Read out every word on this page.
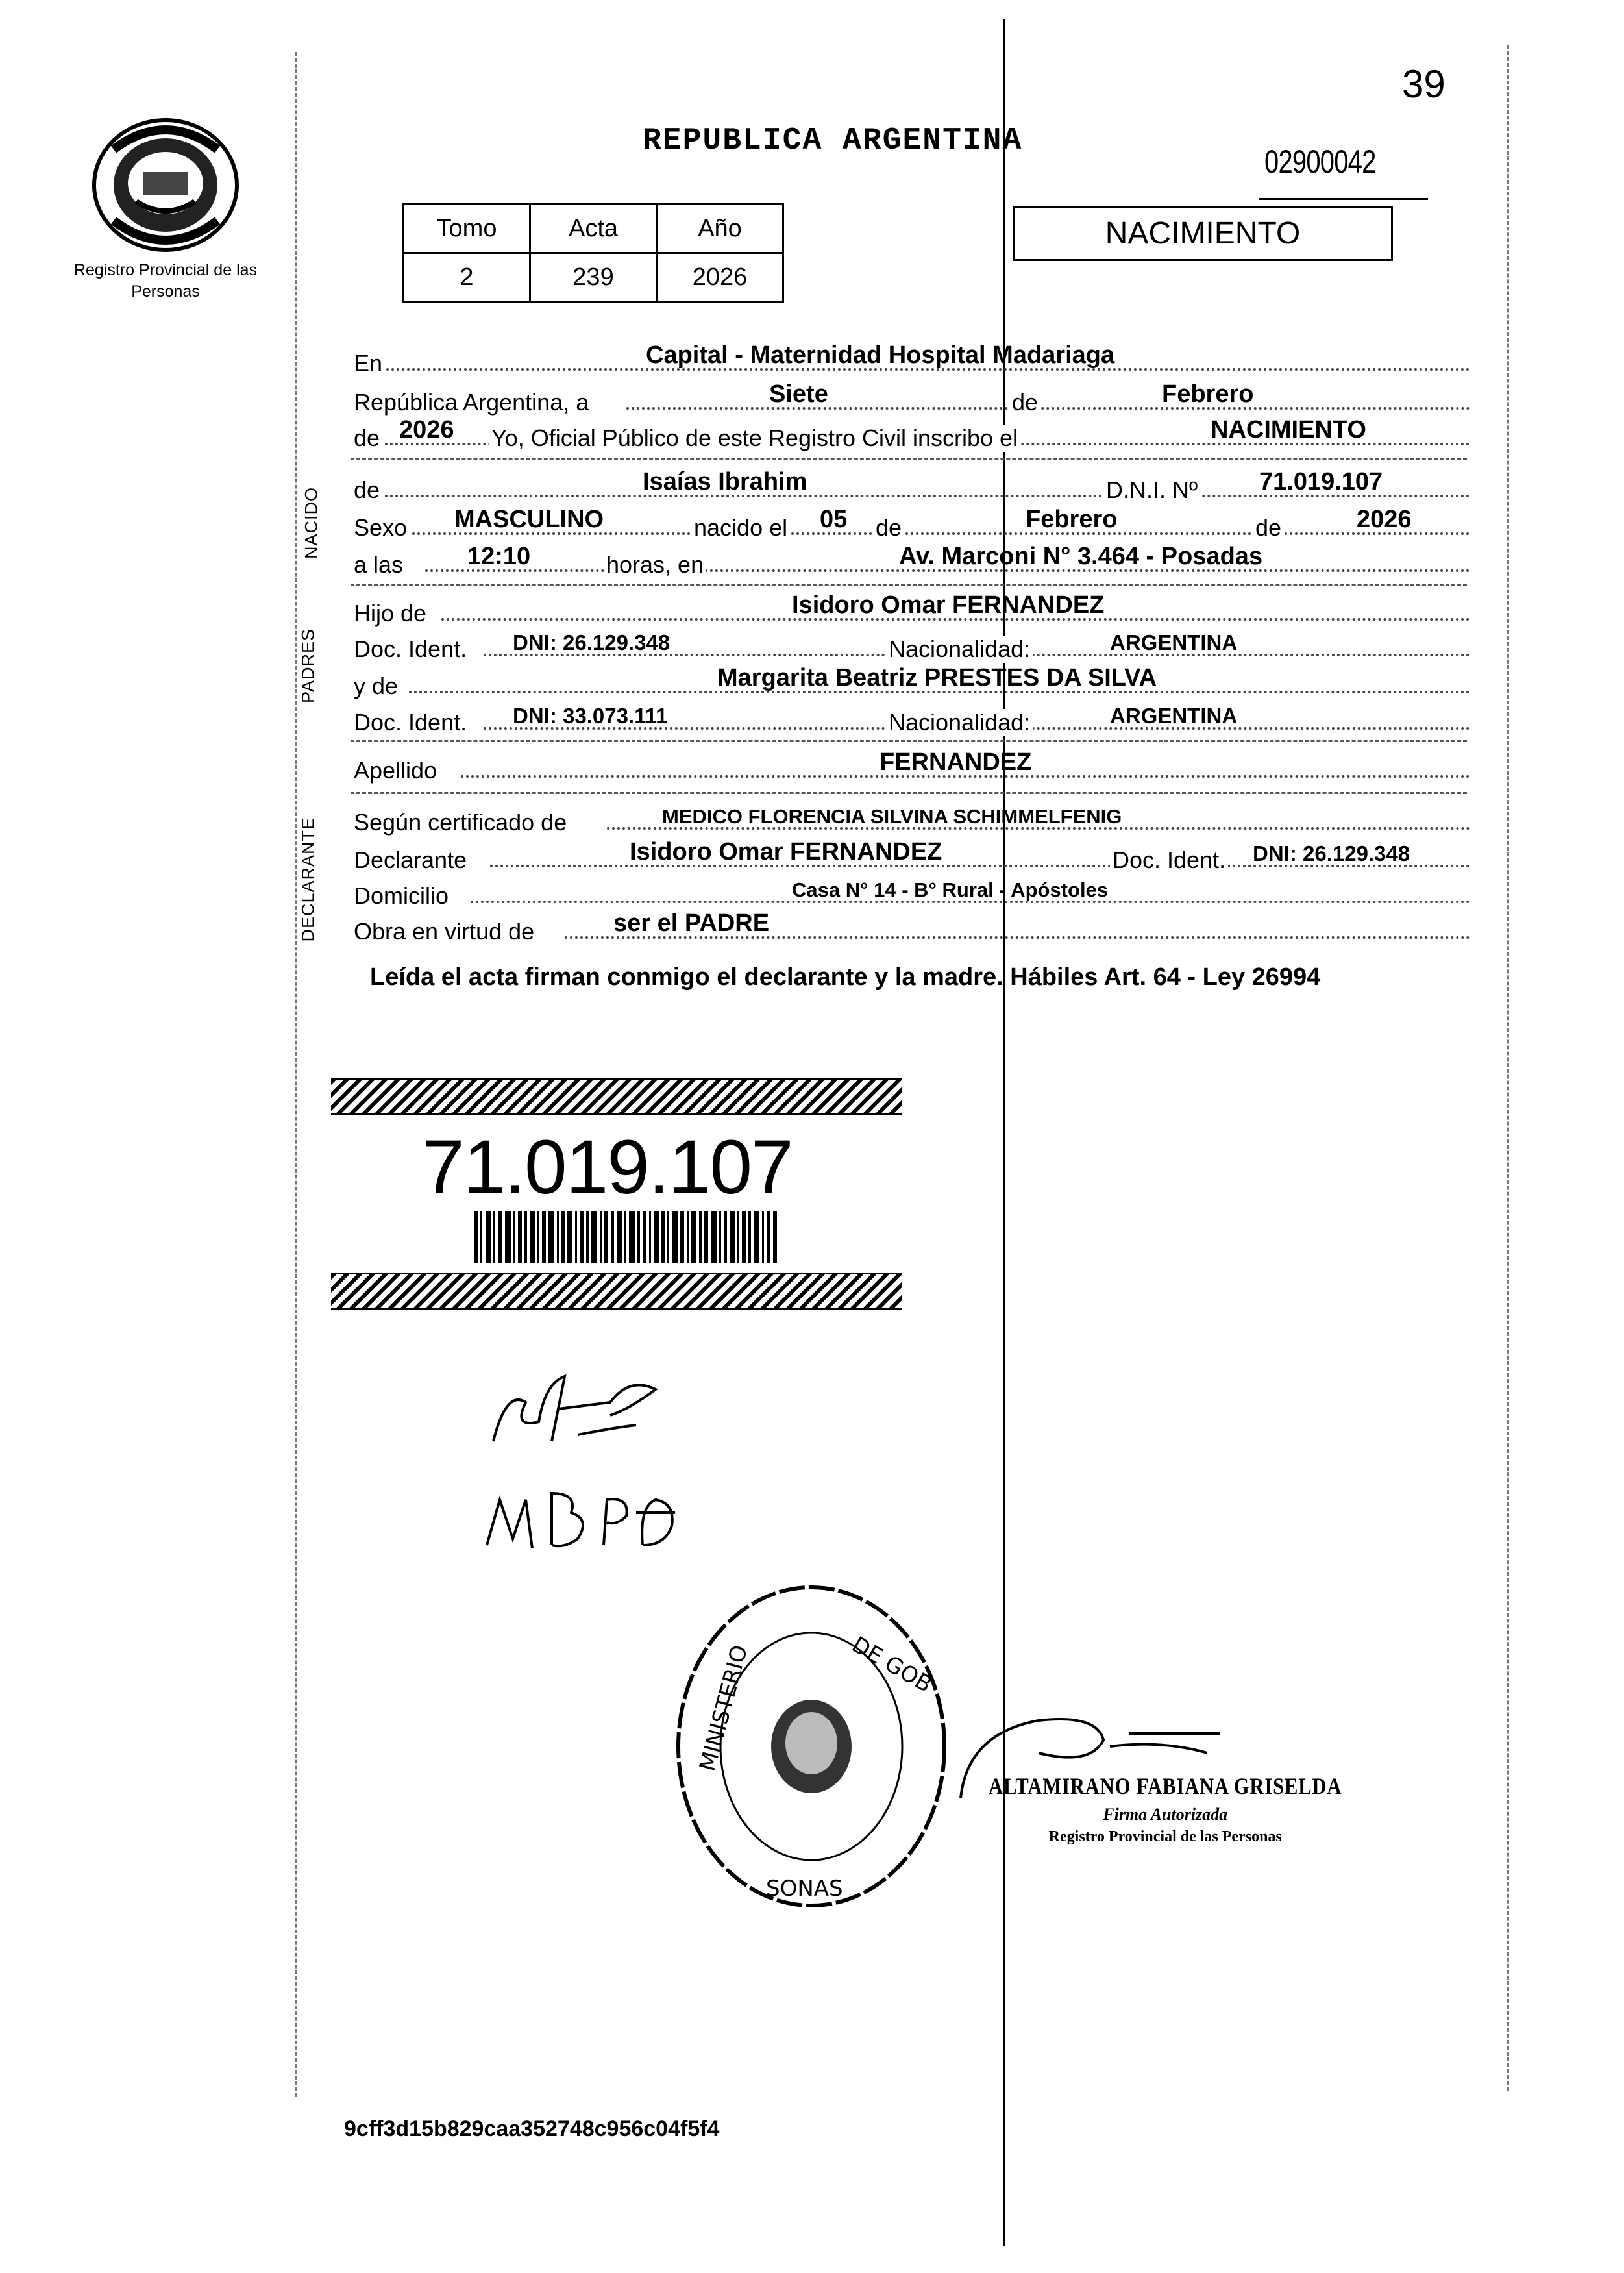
Registro Provincial de las Personas
REPUBLICA ARGENTINA
39
02900042
Tomo	Acta	Año
2	239	2026
NACIMIENTO
En	Capital - Maternidad Hospital Madariaga
República Argentina, a	Siete	de	Febrero
de 2026 Yo, Oficial Público de este Registro Civil inscribo el	NACIMIENTO
de	Isaías Ibrahim	D.N.I. Nº 71.019.107
Sexo MASCULINO	nacido el 05 de	Febrero	de	2026
a las	12:10	horas, en	Av. Marconi N° 3.464 - Posadas
Hijo de	Isidoro Omar FERNANDEZ
Doc. Ident. DNI: 26.129.348	Nacionalidad:	ARGENTINA
y de	Margarita Beatriz PRESTES DA SILVA
Doc. Ident. DNI: 33.073.111	Nacionalidad:	ARGENTINA
Apellido	FERNANDEZ
Según certificado de	MEDICO FLORENCIA SILVINA SCHIMMELFENIG
Declarante	Isidoro Omar FERNANDEZ	Doc. Ident. DNI: 26.129.348
Domicilio	Casa N° 14 - B° Rural - Apóstoles
Obra en virtud de	ser el PADRE
NACIDO
PADRES
DECLARANTE
Leída el acta firman conmigo el declarante y la madre. Hábiles Art. 64 - Ley 26994
71.019.107
MINISTERIO	DE GOB
SONAS
ALTAMIRANO FABIANA GRISELDA
Firma Autorizada
Registro Provincial de las Personas
9cff3d15b829caa352748c956c04f5f4
